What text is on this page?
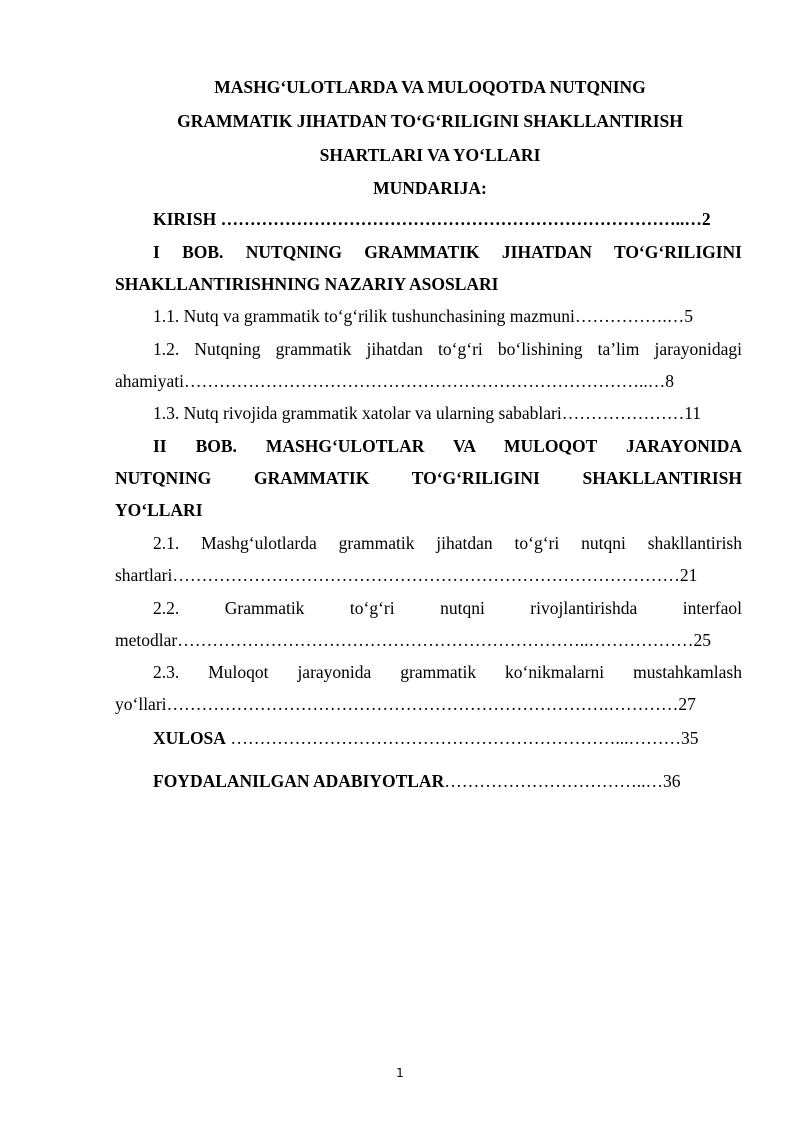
MASHG‘ULOTLARDA VA MULOQOTDA NUTQNING
GRAMMATIK JIHATDAN TO‘G‘RILIGINI SHAKLLANTIRISH
SHARTLARI VA YO‘LLARI
MUNDARIJA:
KIRISH ……………………………………………………………………..…2
I BOB. NUTQNING GRAMMATIK JIHATDAN TO‘G‘RILIGINI
SHAKLLANTIRISHNING NAZARIY ASOSLARI
1.1. Nutq va grammatik to‘g‘rilik tushunchasining mazmuni…………….…5
1.2. Nutqning grammatik jihatdan to‘g‘ri bo‘lishining ta’lim jarayonidagi
ahamiyati……………………………………………………………………..…8
1.3. Nutq rivojida grammatik xatolar va ularning sabablari…………………11
II BOB. MASHG‘ULOTLAR VA MULOQOT JARAYONIDA
NUTQNING GRAMMATIK TO‘G‘RILIGINI SHAKLLANTIRISH
YO‘LLARI
2.1. Mashg‘ulotlarda grammatik jihatdan to‘g‘ri nutqni shakllantirish
shartlari……………………………………………………………………………21
2.2. Grammatik to‘g‘ri nutqni rivojlantirishda interfaol
metodlar……………………………………………………………..………………25
2.3. Muloqot jarayonida grammatik ko‘nikmalarni mustahkamlash
yo‘llari………………………………………………………………….…………27
XULOSA …………………………………………………………...………35
FOYDALANILGAN ADABIYOTLAR……………………………..…36
1
